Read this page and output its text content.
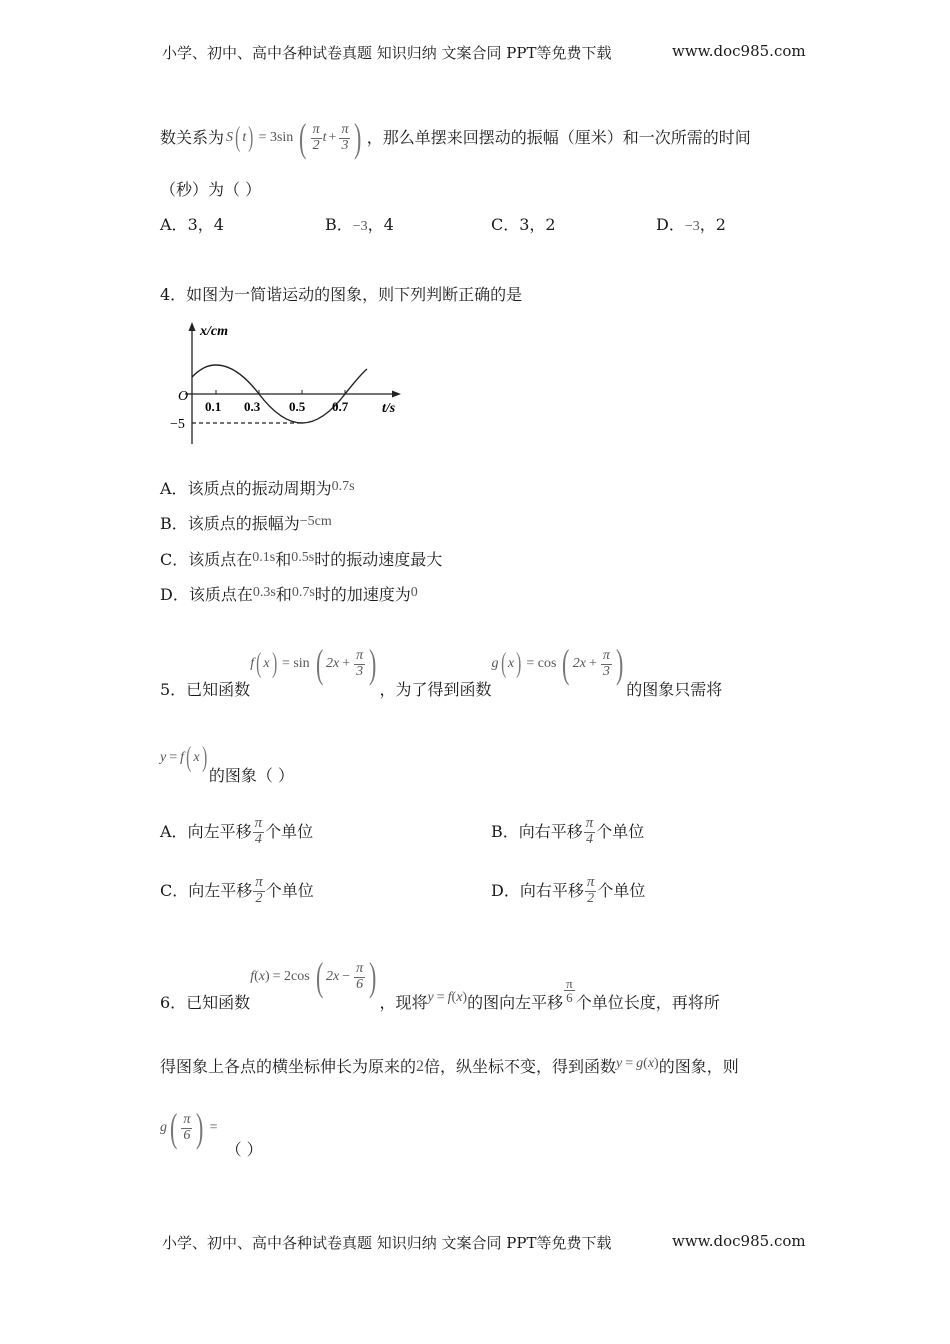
小学、初中、高中各种试卷真题 知识归纳 文案合同 PPT等免费下载	www.doc985.com
数关系为 S ( t ) = 3sin ( $\frac{\pi}{2}$ $t + \frac{\pi}{3}$ ) ，那么单摆来回摆动的振幅（厘米）和一次所需的时间
（秒）为（ ）
A．3，4	B．−3，4	C．3，2	D．−3，2
4．如图为一简谐运动的图象，则下列判断正确的是
x/cm
O
−5
0.1 0.3 0.5 0.7 t/s
A．该质点的振动周期为0.7s
B．该质点的振幅为−5cm
C．该质点在0.1s和0.5s时的振动速度最大
D．该质点在0.3s和0.7s时的加速度为0
5．已知函数
f ( x ) = sin ( $2x + \frac{\pi}{3}$ )
，为了得到函数
g ( x ) = cos ( $2x + \frac{\pi}{3}$ )
的图象只需将
y = f ( x )
的图象（ ）
A． 向左平移 $\frac{\pi}{4}$ 个单位	B． 向右平移 $\frac{\pi}{4}$ 个单位
C． 向左平移 $\frac{\pi}{2}$ 个单位	D． 向右平移 $\frac{\pi}{2}$ 个单位
6．已知函数
f ( x ) = 2cos ( $2x - \frac{\pi}{6}$ )
，现将 y = f ( x ) 的图向左平移 $\frac{\pi}{6}$ 个单位长度，再将所
得图象上各点的横坐标伸长为原来的 2 倍，纵坐标不变，得到函数 y = g ( x ) 的图象，则
g ( $\frac{\pi}{6}$ ) =
（ ）
小学、初中、高中各种试卷真题 知识归纳 文案合同 PPT等免费下载	www.doc985.com
